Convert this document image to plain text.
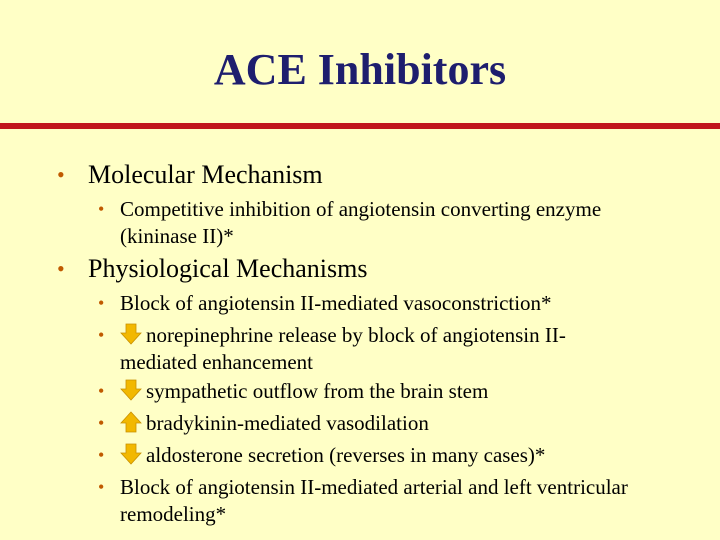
ACE Inhibitors
• Molecular Mechanism
• Competitive inhibition of angiotensin converting enzyme (kininase II)*
• Physiological Mechanisms
• Block of angiotensin II-mediated vasoconstriction*
• norepinephrine release by block of angiotensin II-mediated enhancement
• sympathetic outflow from the brain stem
• bradykinin-mediated vasodilation
• aldosterone secretion (reverses in many cases)*
• Block of angiotensin II-mediated arterial and left ventricular remodeling*
